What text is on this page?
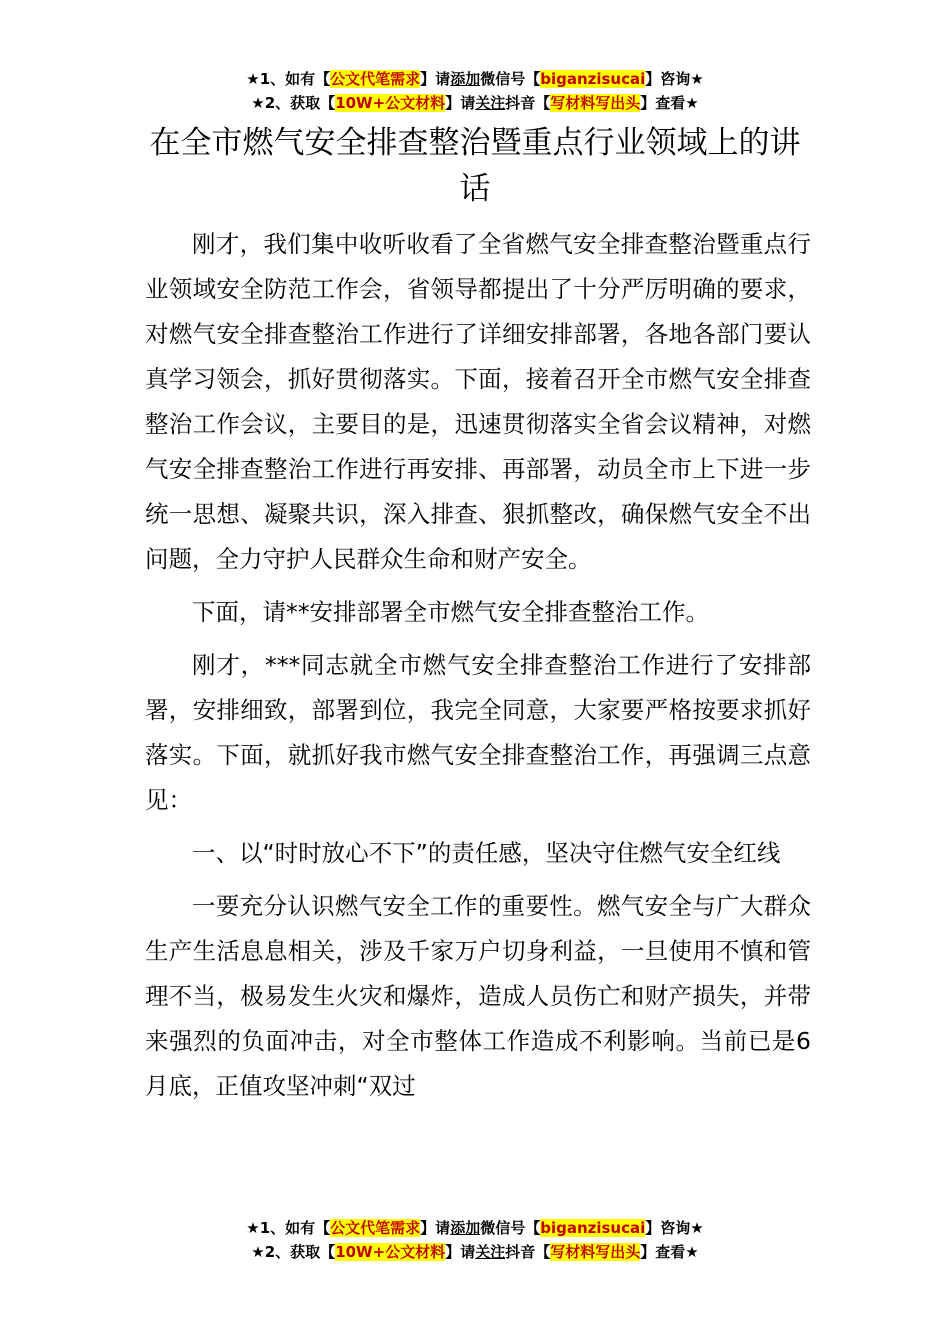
★1、如有【公文代笔需求】请添加微信号【biganzisucai】咨询★
★2、获取【10W+公文材料】请关注抖音【写材料写出头】查看★
在全市燃气安全排查整治暨重点行业领域上的讲话

刚才，我们集中收听收看了全省燃气安全排查整治暨重点行业领域安全防范工作会，省领导都提出了十分严厉明确的要求，对燃气安全排查整治工作进行了详细安排部署，各地各部门要认真学习领会，抓好贯彻落实。下面，接着召开全市燃气安全排查整治工作会议，主要目的是，迅速贯彻落实全省会议精神，对燃气安全排查整治工作进行再安排、再部署，动员全市上下进一步统一思想、凝聚共识，深入排查、狠抓整改，确保燃气安全不出问题，全力守护人民群众生命和财产安全。

下面，请**安排部署全市燃气安全排查整治工作。

刚才，***同志就全市燃气安全排查整治工作进行了安排部署，安排细致，部署到位，我完全同意，大家要严格按要求抓好落实。下面，就抓好我市燃气安全排查整治工作，再强调三点意见：

一、以“时时放心不下”的责任感，坚决守住燃气安全红线

一要充分认识燃气安全工作的重要性。燃气安全与广大群众生产生活息息相关，涉及千家万户切身利益，一旦使用不慎和管理不当，极易发生火灾和爆炸，造成人员伤亡和财产损失，并带来强烈的负面冲击，对全市整体工作造成不利影响。当前已是6月底，正值攻坚冲刺“双过

★1、如有【公文代笔需求】请添加微信号【biganzisucai】咨询★
★2、获取【10W+公文材料】请关注抖音【写材料写出头】查看★
